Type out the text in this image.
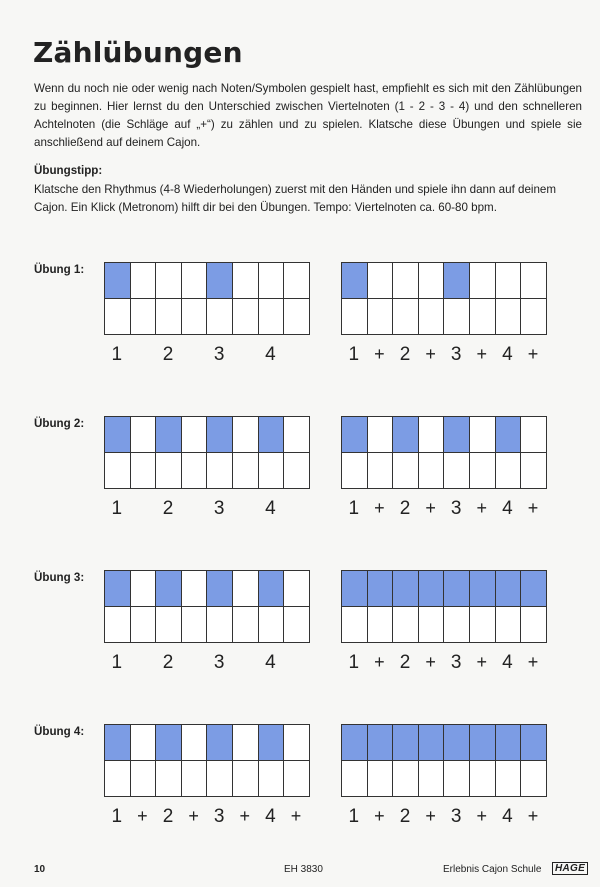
Zählübungen
Wenn du noch nie oder wenig nach Noten/Symbolen gespielt hast, empfiehlt es sich mit den Zählübungen zu beginnen. Hier lernst du den Unterschied zwischen Viertelnoten (1 - 2 - 3 - 4) und den schnelleren Achtelnoten (die Schläge auf „+“) zu zählen und zu spielen. Klatsche diese Übungen und spiele sie anschließend auf deinem Cajon.
Übungstipp:
Klatsche den Rhythmus (4-8 Wiederholungen) zuerst mit den Händen und spiele ihn dann auf deinem Cajon. Ein Klick (Metronom) hilft dir bei den Übungen. Tempo: Viertelnoten ca. 60-80 bpm.
Übung 1:
1 2 3 4	1 + 2 + 3 + 4 +
Übung 2:
1 2 3 4	1 + 2 + 3 + 4 +
Übung 3:
1 2 3 4	1 + 2 + 3 + 4 +
Übung 4:
1 + 2 + 3 + 4 + 1 + 2 + 3 + 4 +
10	EH 3830	Erlebnis Cajon Schule	HAGE
